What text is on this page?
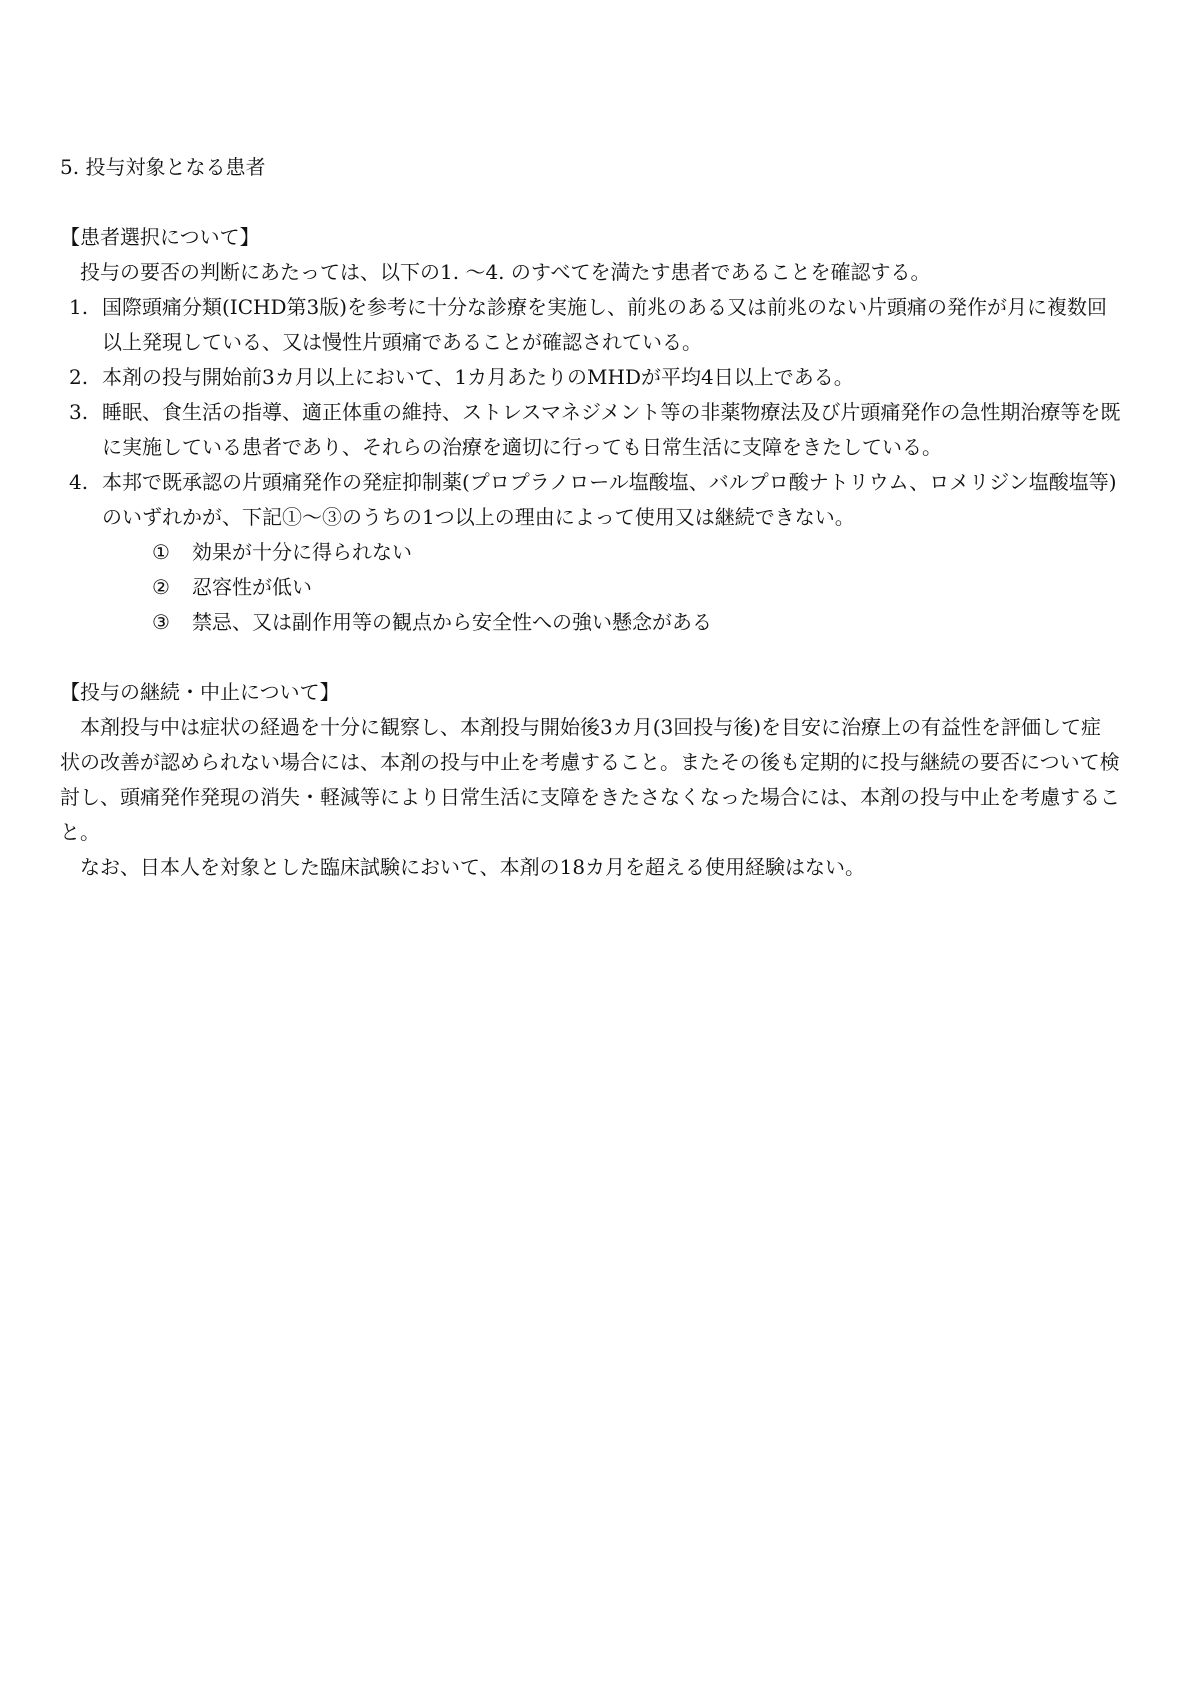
5. 投与対象となる患者

【患者選択について】

投与の要否の判断にあたっては、以下の1. ～4. のすべてを満たす患者であることを確認する。

1. 国際頭痛分類(ICHD第3版)を参考に十分な診療を実施し、前兆のある又は前兆のない片頭痛の発作が月に複数回以上発現している、又は慢性片頭痛であることが確認されている。
2. 本剤の投与開始前3カ月以上において、1カ月あたりのMHDが平均4日以上である。
3. 睡眠、食生活の指導、適正体重の維持、ストレスマネジメント等の非薬物療法及び片頭痛発作の急性期治療等を既に実施している患者であり、それらの治療を適切に行っても日常生活に支障をきたしている。
4. 本邦で既承認の片頭痛発作の発症抑制薬(プロプラノロール塩酸塩、バルプロ酸ナトリウム、ロメリジン塩酸塩等)のいずれかが、下記①～③のうちの1つ以上の理由によって使用又は継続できない。
① 効果が十分に得られない
② 忍容性が低い
③ 禁忌、又は副作用等の観点から安全性への強い懸念がある

【投与の継続・中止について】

本剤投与中は症状の経過を十分に観察し、本剤投与開始後3カ月(3回投与後)を目安に治療上の有益性を評価して症状の改善が認められない場合には、本剤の投与中止を考慮すること。またその後も定期的に投与継続の要否について検討し、頭痛発作発現の消失・軽減等により日常生活に支障をきたさなくなった場合には、本剤の投与中止を考慮すること。

なお、日本人を対象とした臨床試験において、本剤の18カ月を超える使用経験はない。
